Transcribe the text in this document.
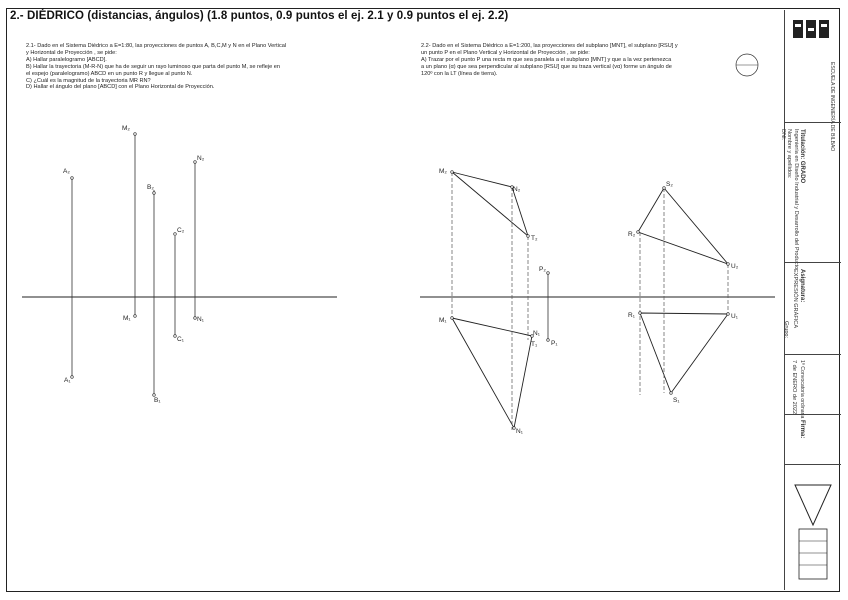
2.- DIÉDRICO (distancias, ángulos) (1.8 puntos, 0.9 puntos el ej. 2.1 y 0.9 puntos el ej. 2.2)

2.1- Dado en el Sistema Diédrico a E=1:80, las proyecciones de puntos A, B,C,M y N en el Plano Vertical

y Horizontal de Proyección , se pide:

A) Hallar paralelogramo [ABCD].

B) Hallar la trayectoria (M-R-N) que ha de seguir un rayo luminoso que parta del punto M, se refleje en

el espejo (paralelogramo) ABCD en un punto R y llegue al punto N.

C) ¿Cuál es la magnitud de la trayectoria MR RN?

D) Hallar el ángulo del plano [ABCD] con el Plano Horizontal de Proyección.

2.2- Dado en el Sistema Diédrico a E=1:200, las proyecciones del subplano [MNT], el subplano [RSU] y

un punto P en el Plano Vertical y Horizontal de Proyección , se pide:

A) Trazar por el punto P una recta m que sea paralela a el subplano [MNT] y que a la vez pertenezca

a un plano (α) que sea perpendicular al subplano [RSU] que su traza vertical (vα) forme un ángulo de

120º con la LT (línea de tierra).

M₂
A₂
B₂
N₂
C₂
M₁	N₁
C₁
A₁
B₁
M₂
N₂
T₂
P₂
M₁
N₁
T₁ P₁
N₁
S₂
R₂
U₂
R₁	U₁
S₁
ESCUELA DE INGENIERÍA DE BILBAO
Titulación: GRADO
Ingeniería en Diseño Industrial y Desarrollo del Producto
Nombre y apellidos:
DNI:
Asignatura:
EXPRESIÓN GRÁFICA
Grupo:
1ª Convocatoria ordinaria
7 de ENERO de 2022
Firma:
